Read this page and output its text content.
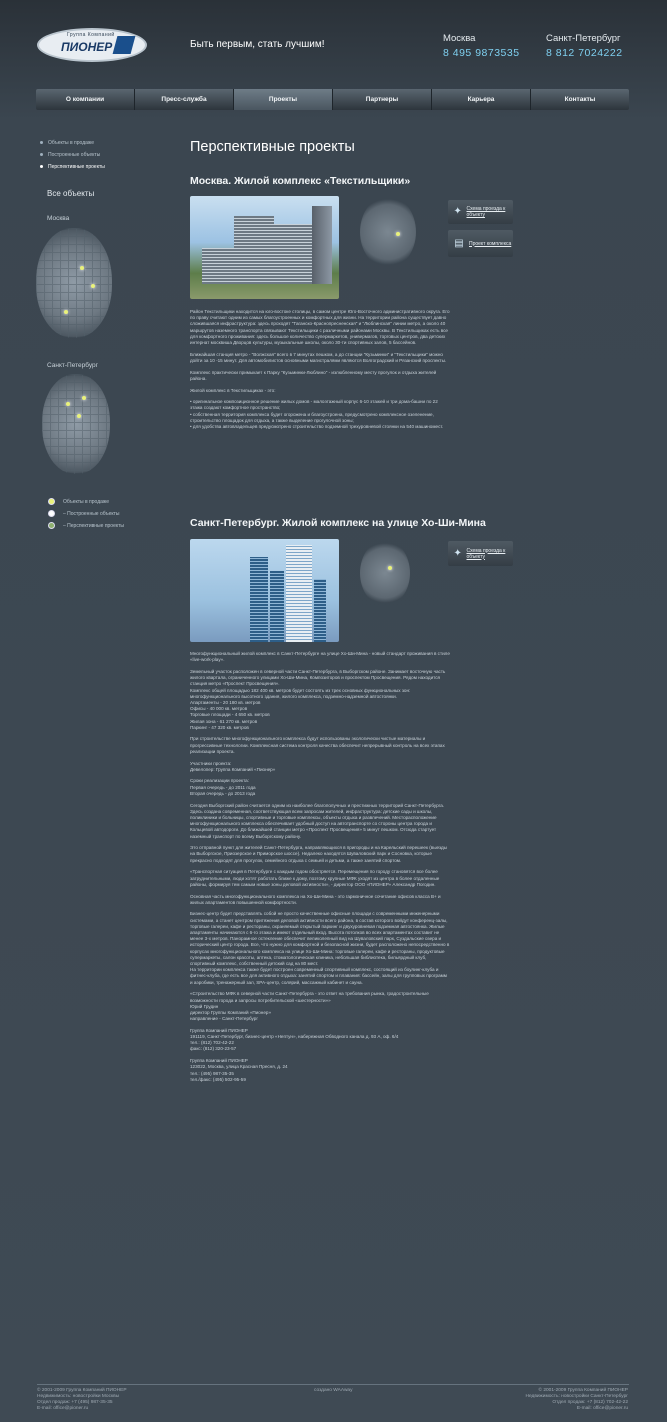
Группа Компаний
ПИОНЕР	Быть первым, стать лучшим!
Москва
8 495 9873535
Санкт-Петербург
8 812 7024222
О компании	Пресс-служба	Проекты	Партнеры	Карьера	Контакты
Объекты в продаже
Построенные объекты
Перспективные проекты
Все объекты
Москва
Санкт-Петербург
Объекты в продаже
– Построенные объекты
– Перспективные проекты
Перспективные проекты
Москва. Жилой комплекс «Текстильщики»
✦ Схема проезда к объекту
▤ Проект комплекса

Район Текстильщики находится на юго-востоке столицы, в самом центре Юго-Восточного административного округа. Его по праву считают одним из самых благоустроенных и комфортных для жизни. На территории района существует давно сложившаяся инфраструктура: здесь проходят "Таганско-Краснопресненская" и "Люблинская" линии метро, а около 40 маршрутов наземного транспорта связывают Текстильщики с различными районами Москвы. В Текстильщиках есть все для комфортного проживания: здесь большое количество супермаркетов, универмагов, торговых центров, два детских интернат москвиша Дворцов культуры, музыкальные школы, около 30-ти спортивных залов, 5 бассейнов.

Ближайшая станция метро - "Волжская" всего в 7 минутах пешком, а до станции "Кузьминки" и "Текстильщики" можно дойти за 10 -15 минут. Для автомобилистов основными магистралями являются Волгоградский и Рязанский проспекты.

Комплекс практически примыкает к Парку "Кузьминки-Люблино" - излюбленному месту прогулок и отдыха жителей района.

Жилой комплекс в Текстильщиках - это:

• оригинальное композиционное решение жилых домов - малоэтажный корпус 6-10 этажей и три дома-башни по 22 этажа создают комфортное пространство;
• собственная территория комплекса будет огорожена и благоустроена, предусмотрено комплексное озеленение, строительство площадок для отдыха, а также выделение прогулочной зоны;
• для удобства автовладельцев предусмотрено строительство подземной трехуровневой стоянки на 540 машиномест.

Санкт-Петербург. Жилой комплекс на улице Хо-Ши-Мина
✦ Схема проезда к объекту

Многофункциональный жилой комплекс в Санкт-Петербурге на улице Хо-Ши-Мина - новый стандарт проживания в стиле «live-work-play».

Земельный участок расположен в северной части Санкт-Петербурга, в Выборгском районе. Занимает восточную часть жилого квартала, ограниченного улицами Хо-Ши-Мина, Композиторов и проспектом Просвещения. Рядом находится станция метро «Проспект Просвещения».
Комплекс общей площадью 182 400 кв. метров будет состоять из трех основных функциональных зон: многофункционального высотного здания, жилого комплекса, подземно-надземной автостоянки.
Апартаменты - 20 180 кв. метров
Офисы - 40 000 кв. метров
Торговые площади - 4 650 кв. метров
Жилая зона - 61 270 кв. метров
Паркинг - 47 320 кв. метров

При строительстве многофункционального комплекса будут использованы экологически чистые материалы и прогрессивные технологии. Комплексная система контроля качества обеспечит непрерывный контроль на всех этапах реализации проекта.

Участники проекта:
Девелопер: Группа Компаний «Пионер»

Сроки реализации проекта:
Первая очередь - до 2011 года
Вторая очередь - до 2013 года

Сегодня Выборгский район считается одним из наиболее благополучных и престижных территорий Санкт-Петербурга. Здесь создана современная, соответствующая всем запросам жителей, инфраструктура: детские сады и школы, поликлиники и больницы, спортивные и торговые комплексы, объекты отдыха и развлечений. Месторасположение многофункционального комплекса обеспечивает удобный доступ на автотранспорте со стороны центра города и Кольцевой автодороги. До ближайшей станции метро «Проспект Просвещения» 5 минут пешком. Отсюда стартует наземный транспорт по всему Выборгскому району.

Это отправной пункт для жителей Санкт-Петербурга, направляющихся в пригороды и на Карельский перешеек (выезды на Выборгское, Приозерское и Приморское шоссе). Недалеко находятся Шуваловский парк и Сосновка, которые прекрасно подходят для прогулок, семейного отдыха с семьей и детьми, а также занятий спортом.

«Транспортная ситуация в Петербурге с каждым годом обостряется. Перемещения по городу становятся все более затруднительными, люди хотят работать ближе к дому, поэтому крупные МФК уходят из центра в более отдаленные районы, формируя тем самым новые зоны деловой активности», - директор ООО «ПИОНЕР» Александр Погодин.

Основная часть многофункционального комплекса на Хо-Ши-Мина - это гармоничное сочетание офисов класса В+ и жилых апартаментов повышенной комфортности.

Бизнес-центр будет представлять собой не просто качественные офисные площади с современными инженерными системами, а станет центром притяжения деловой активности всего района, в состав которого войдут конференц-залы, торговые галереи, кафе и рестораны, охраняемый открытый паркинг и двухуровневая подземная автостоянка. Жилые апартаменты начинаются с 6-го этажа и имеют отдельный вход. Высота потолков во всех апартаментах составит не менее 3-х метров. Панорамное остекление обеспечит великолепный вид на Шуваловский парк, Суздальские озера и исторический центр города. Все, что нужно для комфортной и безопасной жизни, будет расположено непосредственно в корпусах многофункционального комплекса на улице Хо-Ши-Мина: торговые галереи, кафе и рестораны, продуктовые супермаркеты, салон красоты, аптека, стоматологическая клиника, небольшая библиотека, бильярдный клуб, спортивный комплекс, собственный детский сад на 80 мест.
На территории комплекса также будет построен современный спортивный комплекс, состоящий из боулинг-клуба и фитнес-клуба, где есть все для активного отдыха: занятий спортом и плавания: бассейн, залы для групповых программ и аэробики, тренажерный зал, SPA-центр, солярий, массажный кабинет и сауна.

«Строительство МФК в северной части Санкт-Петербурга - это ответ на требования рынка, градостроительные возможности города и запросы потребительской «шестерности»»
Юрий Грудин
директор Группы Компаний «Пионер»
направление - Санкт-Петербург

Группа Компаний ПИОНЕР
191119, Санкт-Петербург, бизнес-центр «Нептун», набережная Обводного канала д. 93 А, оф. 6/4
тел.: (812) 702-42-22
факс: (812) 320-23-57

Группа Компаний ПИОНЕР
123022, Москва, улица Красная Пресня, д. 24
тел.: (495) 987-35-35
тел./факс: (495) 502-95-59

© 2001-2009 Группа Компаний ПИОНЕР
Недвижимость: новостройки Москвы
Отдел продаж: +7 (495) 987-35-35
E-mail: office@pioner.ru
создано WAAway	© 2001-2009 Группа Компаний ПИОНЕР
Недвижимость: новостройки Санкт-Петербург
Отдел продаж: +7 (812) 702-42-22
E-mail: office@pioner.ru
